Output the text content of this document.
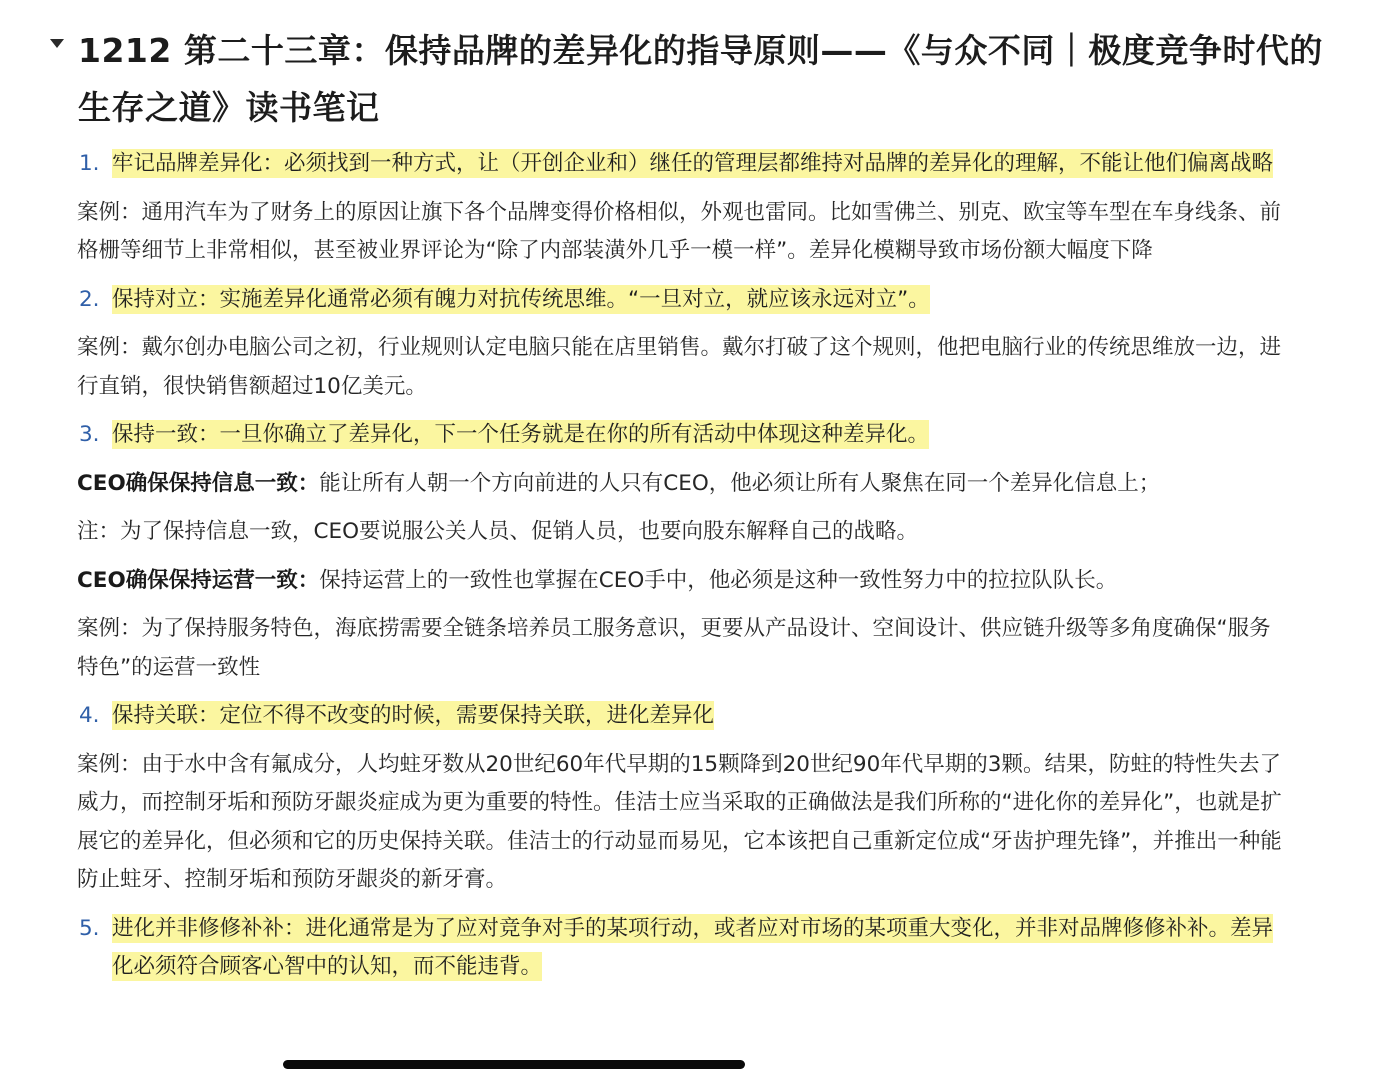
1212 第二十三章：保持品牌的差异化的指导原则——《与众不同｜极度竞争时代的生存之道》读书笔记
1. 牢记品牌差异化：必须找到一种方式，让（开创企业和）继任的管理层都维持对品牌的差异化的理解，不能让他们偏离战略

案例：通用汽车为了财务上的原因让旗下各个品牌变得价格相似，外观也雷同。比如雪佛兰、别克、欧宝等车型在车身线条、前格栅等细节上非常相似，甚至被业界评论为“除了内部装潢外几乎一模一样”。差异化模糊导致市场份额大幅度下降

2. 保持对立：实施差异化通常必须有魄力对抗传统思维。“一旦对立，就应该永远对立”。

案例：戴尔创办电脑公司之初，行业规则认定电脑只能在店里销售。戴尔打破了这个规则，他把电脑行业的传统思维放一边，进行直销，很快销售额超过10亿美元。

3. 保持一致：一旦你确立了差异化，下一个任务就是在你的所有活动中体现这种差异化。

CEO确保保持信息一致：能让所有人朝一个方向前进的人只有CEO，他必须让所有人聚焦在同一个差异化信息上；

注：为了保持信息一致，CEO要说服公关人员、促销人员，也要向股东解释自己的战略。

CEO确保保持运营一致：保持运营上的一致性也掌握在CEO手中，他必须是这种一致性努力中的拉拉队队长。

案例：为了保持服务特色，海底捞需要全链条培养员工服务意识，更要从产品设计、空间设计、供应链升级等多角度确保“服务特色”的运营一致性

4. 保持关联：定位不得不改变的时候，需要保持关联，进化差异化

案例：由于水中含有氟成分，人均蛀牙数从20世纪60年代早期的15颗降到20世纪90年代早期的3颗。结果，防蛀的特性失去了威力，而控制牙垢和预防牙龈炎症成为更为重要的特性。佳洁士应当采取的正确做法是我们所称的“进化你的差异化”，也就是扩展它的差异化，但必须和它的历史保持关联。佳洁士的行动显而易见，它本该把自己重新定位成“牙齿护理先锋”，并推出一种能防止蛀牙、控制牙垢和预防牙龈炎的新牙膏。

5. 进化并非修修补补：进化通常是为了应对竞争对手的某项行动，或者应对市场的某项重大变化，并非对品牌修修补补。差异化必须符合顾客心智中的认知，而不能违背。
